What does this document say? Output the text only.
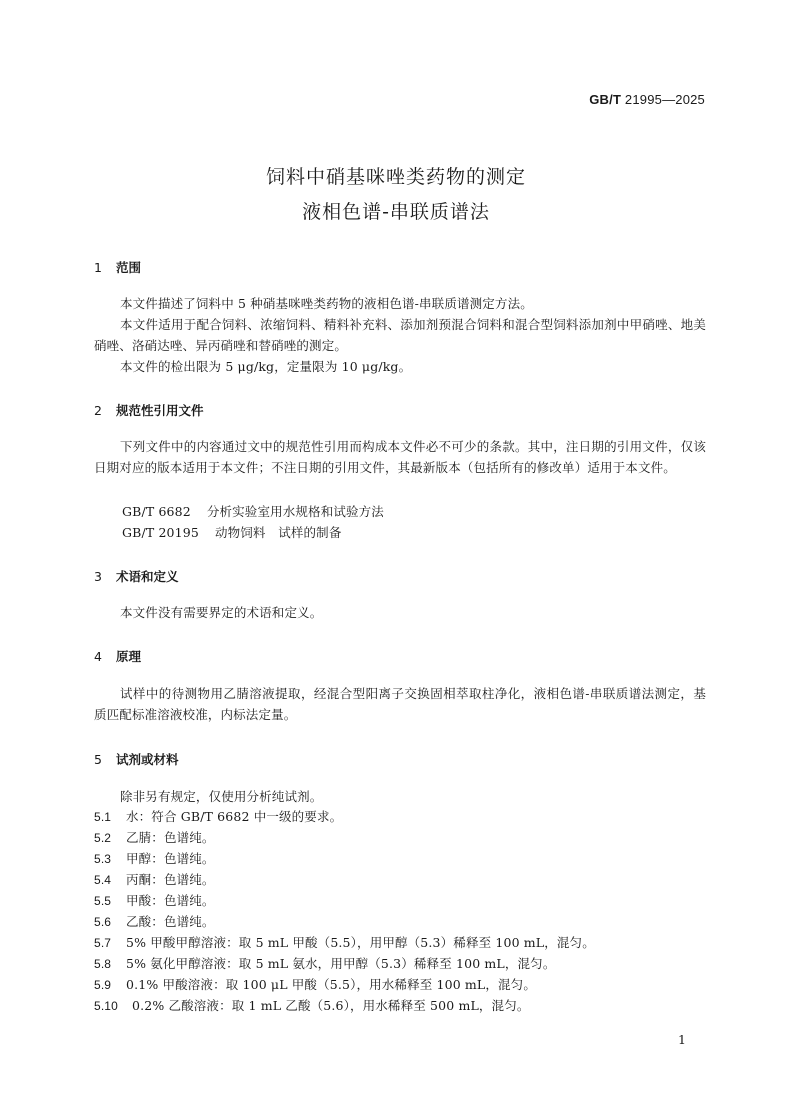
GB/T 21995—2025
饲料中硝基咪唑类药物的测定
液相色谱-串联质谱法
1 范围
本文件描述了饲料中 5 种硝基咪唑类药物的液相色谱-串联质谱测定方法。
本文件适用于配合饲料、浓缩饲料、精料补充料、添加剂预混合饲料和混合型饲料添加剂中甲硝唑、地美硝唑、洛硝达唑、异丙硝唑和替硝唑的测定。
本文件的检出限为 5 μg/kg，定量限为 10 μg/kg。
2 规范性引用文件
下列文件中的内容通过文中的规范性引用而构成本文件必不可少的条款。其中，注日期的引用文件，仅该日期对应的版本适用于本文件；不注日期的引用文件，其最新版本（包括所有的修改单）适用于本文件。
GB/T 6682 分析实验室用水规格和试验方法
GB/T 20195 动物饲料　试样的制备
3 术语和定义
本文件没有需要界定的术语和定义。
4 原理
试样中的待测物用乙腈溶液提取，经混合型阳离子交换固相萃取柱净化，液相色谱-串联质谱法测定，基质匹配标准溶液校准，内标法定量。
5 试剂或材料
除非另有规定，仅使用分析纯试剂。
5.1 水：符合 GB/T 6682 中一级的要求。
5.2 乙腈：色谱纯。
5.3 甲醇：色谱纯。
5.4 丙酮：色谱纯。
5.5 甲酸：色谱纯。
5.6 乙酸：色谱纯。
5.7 5% 甲酸甲醇溶液：取 5 mL 甲酸（5.5），用甲醇（5.3）稀释至 100 mL，混匀。
5.8 5% 氨化甲醇溶液：取 5 mL 氨水，用甲醇（5.3）稀释至 100 mL，混匀。
5.9 0.1% 甲酸溶液：取 100 μL 甲酸（5.5），用水稀释至 100 mL，混匀。
5.10 0.2% 乙酸溶液：取 1 mL 乙酸（5.6），用水稀释至 500 mL，混匀。
1
